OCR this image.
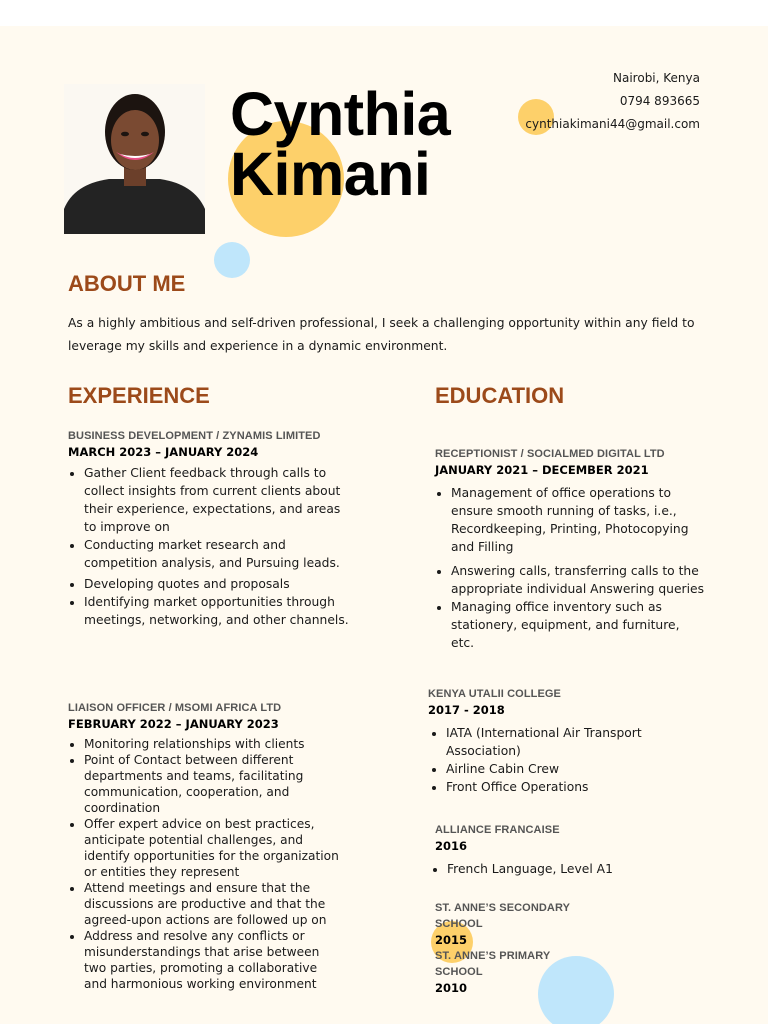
Cynthia
Kimani
Nairobi, Kenya
0794 893665
cynthiakimani44@gmail.com
ABOUT ME
As a highly ambitious and self-driven professional, I seek a challenging opportunity within any field to leverage my skills and experience in a dynamic environment.
EXPERIENCE

BUSINESS DEVELOPMENT / ZYNAMIS LIMITED

MARCH 2023 – JANUARY 2024

• Gather Client feedback through calls to collect insights from current clients about their experience, expectations, and areas to improve on
• Conducting market research and competition analysis, and Pursuing leads.
• Developing quotes and proposals
• Identifying market opportunities through meetings, networking, and other channels.

LIAISON OFFICER / MSOMI AFRICA LTD

FEBRUARY 2022 – JANUARY 2023

• Monitoring relationships with clients
• Point of Contact between different departments and teams, facilitating communication, cooperation, and coordination
• Offer expert advice on best practices, anticipate potential challenges, and identify opportunities for the organization or entities they represent
• Attend meetings and ensure that the discussions are productive and that the agreed-upon actions are followed up on
• Address and resolve any conflicts or misunderstandings that arise between two parties, promoting a collaborative and harmonious working environment
EDUCATION

RECEPTIONIST / SOCIALMED DIGITAL LTD

JANUARY 2021 – DECEMBER 2021

• Management of office operations to ensure smooth running of tasks, i.e., Recordkeeping, Printing, Photocopying and Filling
• Answering calls, transferring calls to the appropriate individual Answering queries
• Managing office inventory such as stationery, equipment, and furniture, etc.

KENYA UTALII COLLEGE

2017 - 2018

• IATA (International Air Transport Association)
• Airline Cabin Crew
• Front Office Operations

ALLIANCE FRANCAISE

2016

• French Language, Level A1

ST. ANNE’S SECONDARY SCHOOL

2015

ST. ANNE’S PRIMARY SCHOOL

2010
